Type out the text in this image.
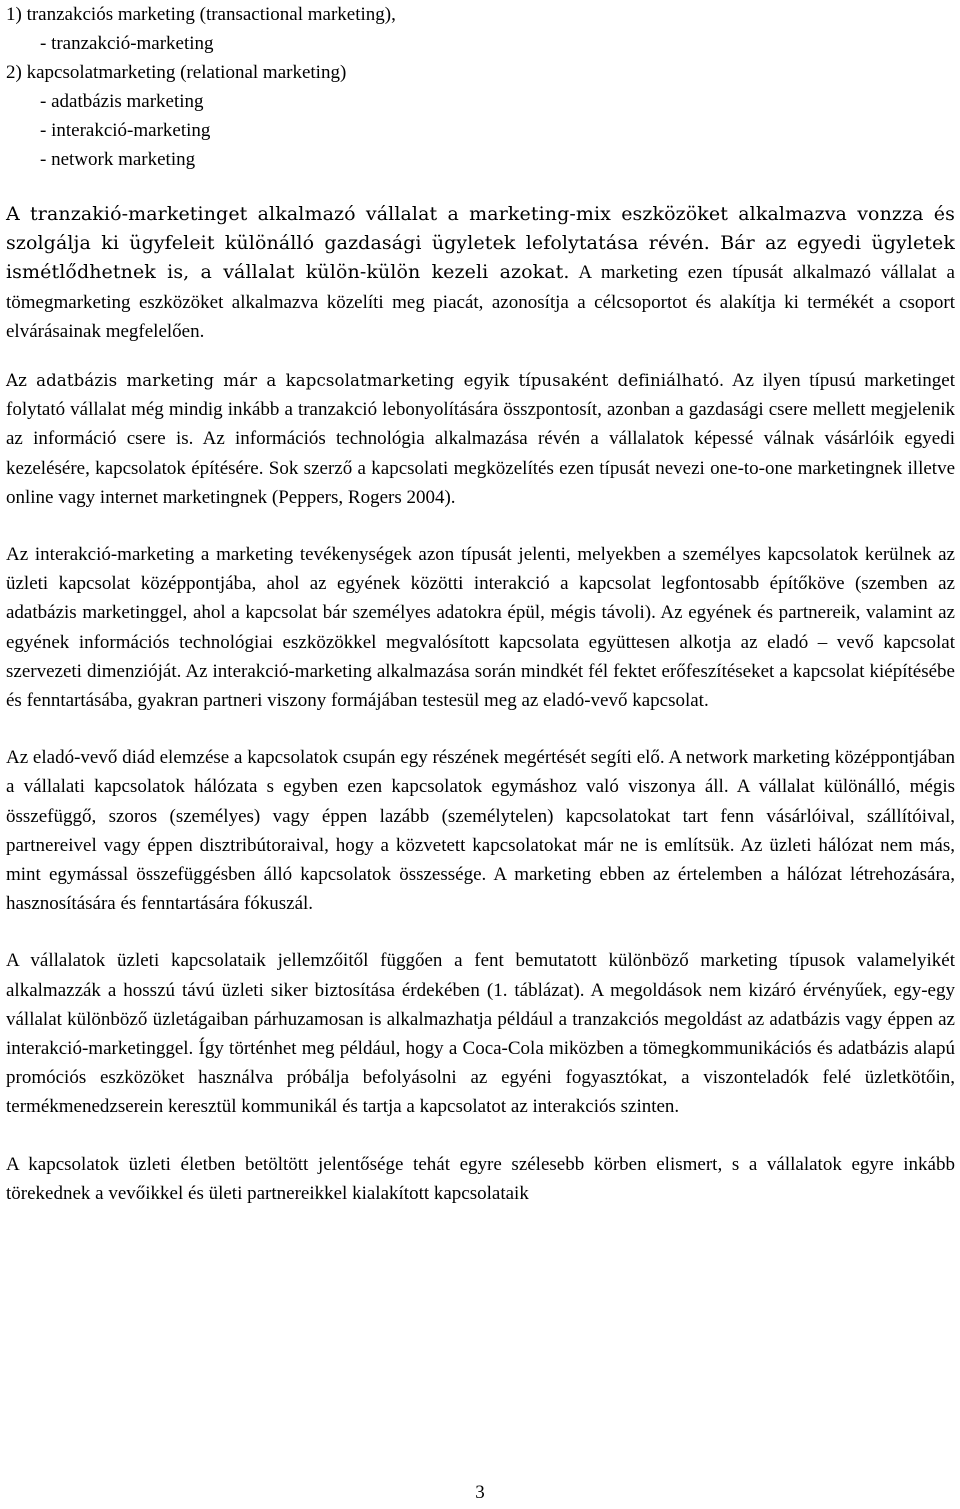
1) tranzakciós marketing (transactional marketing),
- tranzakció-marketing
2) kapcsolatmarketing (relational marketing)
- adatbázis marketing
- interakció-marketing
- network marketing

A tranzakió-marketinget alkalmazó vállalat a marketing-mix eszközöket alkalmazva vonzza és szolgálja ki ügyfeleit különálló gazdasági ügyletek lefolytatása révén. Bár az egyedi ügyletek ismétlődhetnek is, a vállalat külön-külön kezeli azokat. A marketing ezen típusát alkalmazó vállalat a tömegmarketing eszközöket alkalmazva közelíti meg piacát, azonosítja a célcsoportot és alakítja ki termékét a csoport elvárásainak megfelelően.

Az adatbázis marketing már a kapcsolatmarketing egyik típusaként definiálható. Az ilyen típusú marketinget folytató vállalat még mindig inkább a tranzakció lebonyolítására összpontosít, azonban a gazdasági csere mellett megjelenik az információ csere is. Az információs technológia alkalmazása révén a vállalatok képessé válnak vásárlóik egyedi kezelésére, kapcsolatok építésére. Sok szerző a kapcsolati megközelítés ezen típusát nevezi one-to-one marketingnek illetve online vagy internet marketingnek (Peppers, Rogers 2004).

Az interakció-marketing a marketing tevékenységek azon típusát jelenti, melyekben a személyes kapcsolatok kerülnek az üzleti kapcsolat középpontjába, ahol az egyének közötti interakció a kapcsolat legfontosabb építőköve (szemben az adatbázis marketinggel, ahol a kapcsolat bár személyes adatokra épül, mégis távoli). Az egyének és partnereik, valamint az egyének információs technológiai eszközökkel megvalósított kapcsolata együttesen alkotja az eladó – vevő kapcsolat szervezeti dimenzióját. Az interakció-marketing alkalmazása során mindkét fél fektet erőfeszítéseket a kapcsolat kiépítésébe és fenntartásába, gyakran partneri viszony formájában testesül meg az eladó-vevő kapcsolat.

Az eladó-vevő diád elemzése a kapcsolatok csupán egy részének megértését segíti elő. A network marketing középpontjában a vállalati kapcsolatok hálózata s egyben ezen kapcsolatok egymáshoz való viszonya áll. A vállalat különálló, mégis összefüggő, szoros (személyes) vagy éppen lazább (személytelen) kapcsolatokat tart fenn vásárlóival, szállítóival, partnereivel vagy éppen disztribútoraival, hogy a közvetett kapcsolatokat már ne is említsük. Az üzleti hálózat nem más, mint egymással összefüggésben álló kapcsolatok összessége. A marketing ebben az értelemben a hálózat létrehozására, hasznosítására és fenntartására fókuszál.

A vállalatok üzleti kapcsolataik jellemzőitől függően a fent bemutatott különböző marketing típusok valamelyikét alkalmazzák a hosszú távú üzleti siker biztosítása érdekében (1. táblázat). A megoldások nem kizáró érvényűek, egy-egy vállalat különböző üzletágaiban párhuzamosan is alkalmazhatja például a tranzakciós megoldást az adatbázis vagy éppen az interakció-marketinggel. Így történhet meg például, hogy a Coca-Cola miközben a tömegkommunikációs és adatbázis alapú promóciós eszközöket használva próbálja befolyásolni az egyéni fogyasztókat, a viszonteladók felé üzletkötőin, termékmenedzserein keresztül kommunikál és tartja a kapcsolatot az interakciós szinten.

A kapcsolatok üzleti életben betöltött jelentősége tehát egyre szélesebb körben elismert, s a vállalatok egyre inkább törekednek a vevőikkel és ületi partnereikkel kialakított kapcsolataik

3
